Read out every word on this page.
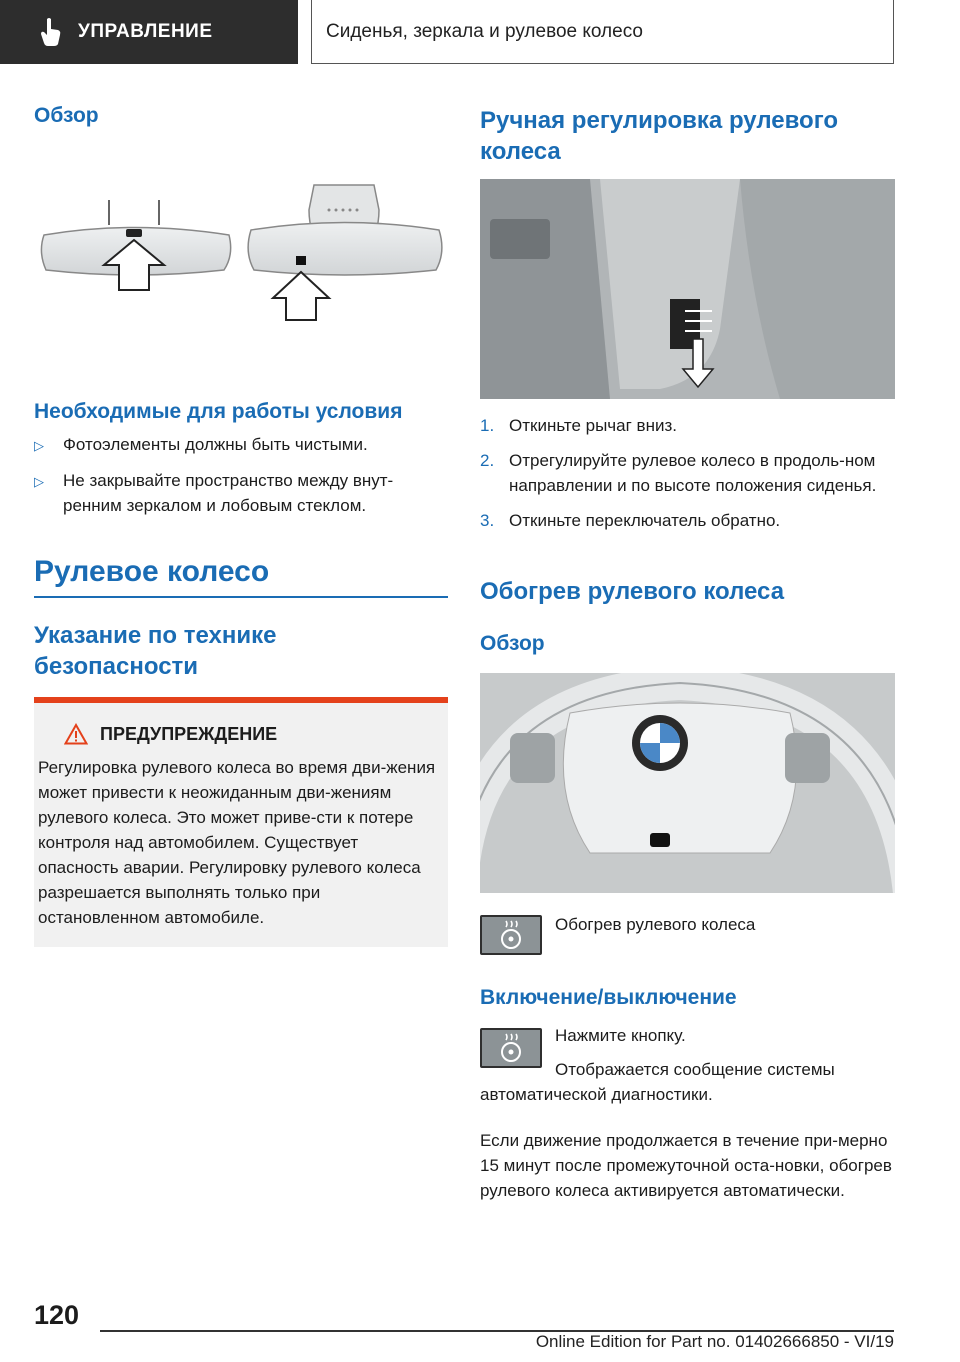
УПРАВЛЕНИЕ	Сиденья, зеркала и рулевое колесо
Обзор
Необходимые для работы условия
▷	Фотоэлементы должны быть чистыми.
▷	Не закрывайте пространство между внут-
ренним зеркалом и лобовым стеклом.
Рулевое колесо
Указание по технике безопасности
ПРЕДУПРЕЖДЕНИЕ

Регулировка рулевого колеса во время дви-жения может привести к неожиданным дви-жениям рулевого колеса. Это может приве-сти к потере контроля над автомобилем. Существует опасность аварии. Регулировку рулевого колеса разрешается выполнять только при остановленном автомобиле.

Ручная регулировка рулевого колеса
1. Откиньте рычаг вниз.
2. Отрегулируйте рулевое колесо в продоль-ном направлении и по высоте положения сиденья.
3. Откиньте переключатель обратно.
Обогрев рулевого колеса
Обзор
Обогрев рулевого колеса
Включение/выключение
Нажмите кнопку.
Отображается сообщение системы
автоматической диагностики.

Если движение продолжается в течение при-мерно 15 минут после промежуточной оста-новки, обогрев рулевого колеса активируется автоматически.

120
Online Edition for Part no. 01402666850 - VI/19
